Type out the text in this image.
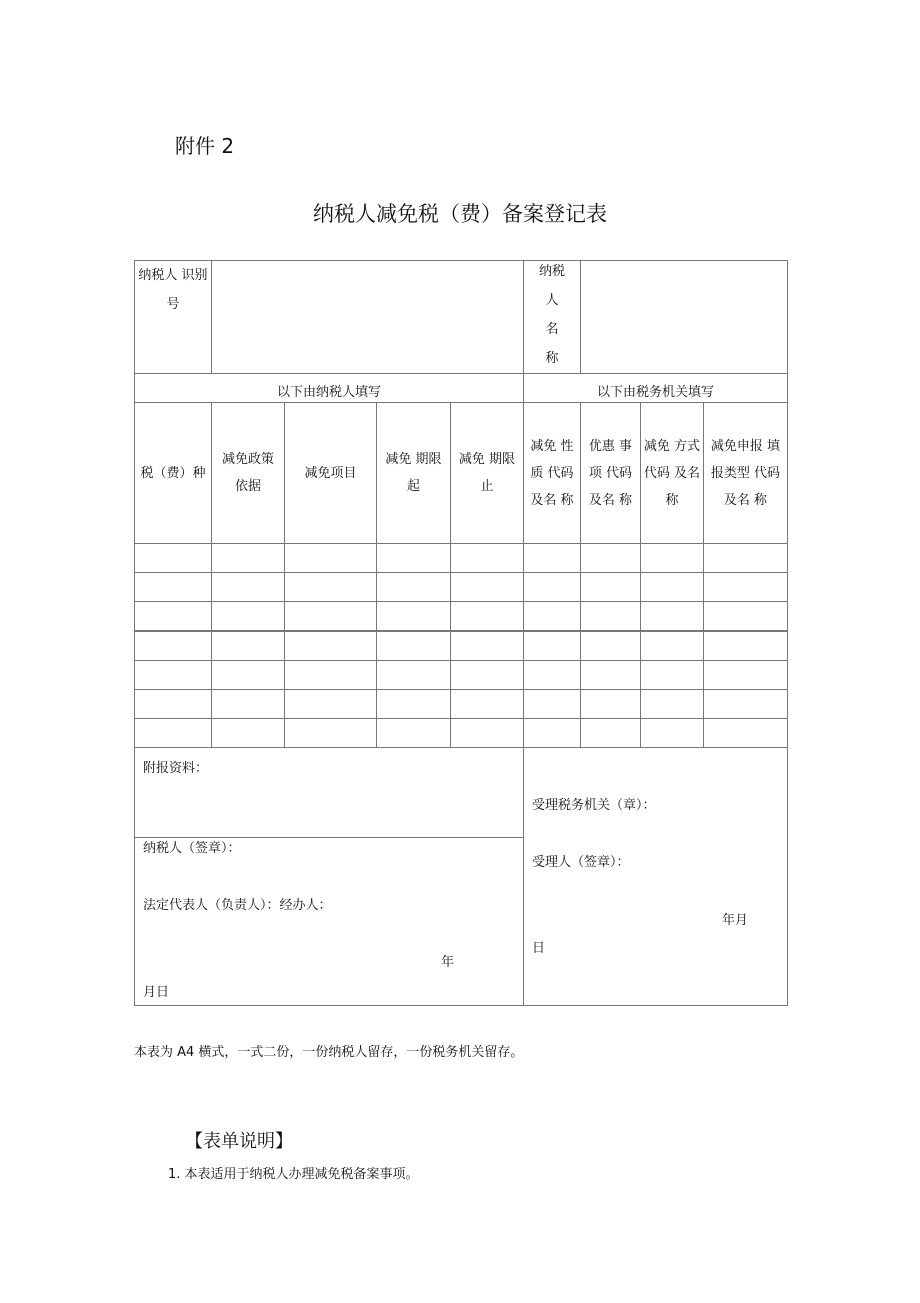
附件 2
纳税人减免税（费）备案登记表
纳税人 识别
号
纳税
人
名
称
以下由纳税人填写	以下由税务机关填写
税（费）种
减免政策
依据
减免项目
减免 期限
起
减免 期限
止
减免 性
质 代码
及名 称
优惠 事
项 代码
及名 称
减免 方式
代码 及名
称
减免申报 填
报类型 代码
及名 称
附报资料：
纳税人（签章）：
法定代表人（负责人）：经办人：
年
月日
受理税务机关（章）：
受理人（签章）：
年月
日
本表为 A4 横式，一式二份，一份纳税人留存，一份税务机关留存。
【表单说明】
1. 本表适用于纳税人办理减免税备案事项。
